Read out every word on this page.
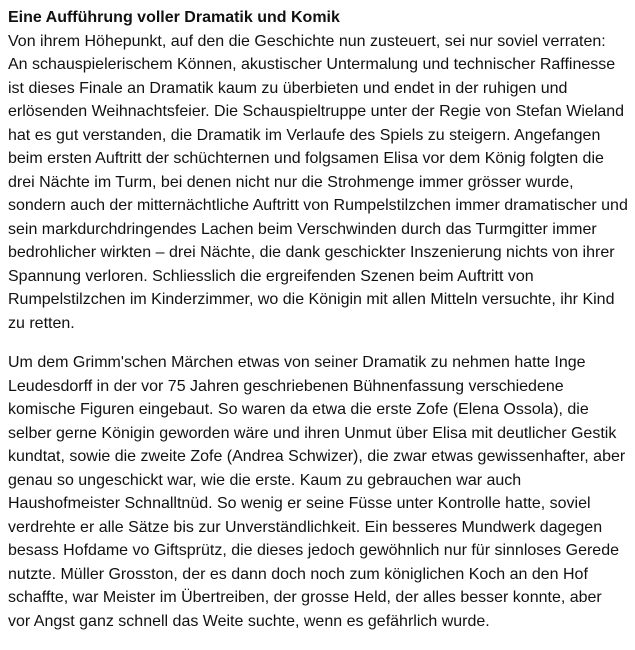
Eine Aufführung voller Dramatik und Komik

Von ihrem Höhepunkt, auf den die Geschichte nun zusteuert, sei nur soviel verraten: An schauspielerischem Können, akustischer Untermalung und technischer Raffinesse ist dieses Finale an Dramatik kaum zu überbieten und endet in der ruhigen und erlösenden Weihnachtsfeier. Die Schauspieltruppe unter der Regie von Stefan Wieland hat es gut verstanden, die Dramatik im Verlaufe des Spiels zu steigern. Angefangen beim ersten Auftritt der schüchternen und folgsamen Elisa vor dem König folgten die drei Nächte im Turm, bei denen nicht nur die Strohmenge immer grösser wurde, sondern auch der mitternächtliche Auftritt von Rumpelstilzchen immer dramatischer und sein markdurchdringendes Lachen beim Verschwinden durch das Turmgitter immer bedrohlicher wirkten – drei Nächte, die dank geschickter Inszenierung nichts von ihrer Spannung verloren. Schliesslich die ergreifenden Szenen beim Auftritt von Rumpelstilzchen im Kinderzimmer, wo die Königin mit allen Mitteln versuchte, ihr Kind zu retten.

Um dem Grimm'schen Märchen etwas von seiner Dramatik zu nehmen hatte Inge Leudesdorff in der vor 75 Jahren geschriebenen Bühnenfassung verschiedene komische Figuren eingebaut. So waren da etwa die erste Zofe (Elena Ossola), die selber gerne Königin geworden wäre und ihren Unmut über Elisa mit deutlicher Gestik kundtat, sowie die zweite Zofe (Andrea Schwizer), die zwar etwas gewissenhafter, aber genau so ungeschickt war, wie die erste. Kaum zu gebrauchen war auch Haushofmeister Schnalltnüd. So wenig er seine Füsse unter Kontrolle hatte, soviel verdrehte er alle Sätze bis zur Unverständlichkeit. Ein besseres Mundwerk dagegen besass Hofdame vo Giftsprütz, die dieses jedoch gewöhnlich nur für sinnloses Gerede nutzte. Müller Grosston, der es dann doch noch zum königlichen Koch an den Hof schaffte, war Meister im Übertreiben, der grosse Held, der alles besser konnte, aber vor Angst ganz schnell das Weite suchte, wenn es gefährlich wurde.
